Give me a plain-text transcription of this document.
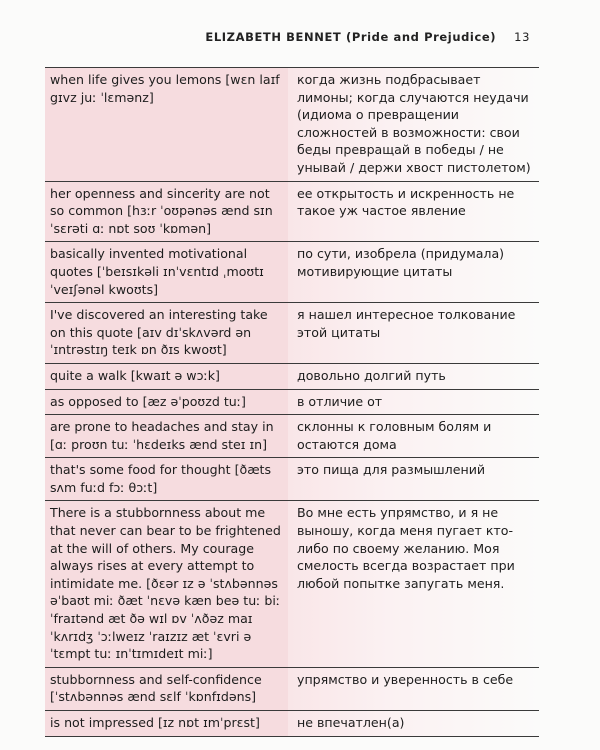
ELIZABETH BENNET (Pride and Prejudice) 13
when life gives you lemons [wɛn laɪf gɪvz juː ˈlɛmənz]	когда жизнь подбрасывает лимоны; когда случаются неудачи (идиома о превращении сложностей в возможности: свои беды превращай в победы / не унывай / держи хвост пистолетом)
her openness and sincerity are not so common [hɜːr ˈoʊpənəs ænd sɪnˈsɛrəti ɑː nɒt soʊ ˈkɒmən]	ее открытость и искренность не такое уж частое явление
basically invented motivational quotes [ˈbeɪsɪkəli ɪnˈvɛntɪd ˌmoʊtɪˈveɪʃənəl kwoʊts]	по сути, изобрела (придумала) мотивирующие цитаты
I've discovered an interesting take on this quote [aɪv dɪˈskʌvərd ən ˈɪntrəstɪŋ teɪk ɒn ðɪs kwoʊt]	я нашел интересное толкование этой цитаты
quite a walk [kwaɪt ə wɔːk]	довольно долгий путь
as opposed to [æz əˈpoʊzd tuː]	в отличие от
are prone to headaches and stay in [ɑː proʊn tuː ˈhɛdeɪks ænd steɪ ɪn]	склонны к головным болям и остаются дома
that's some food for thought [ðæts sʌm fuːd fɔː θɔːt]	это пища для размышлений
There is a stubbornness about me that never can bear to be frightened at the will of others. My courage always rises at every attempt to intimidate me. [ðɛər ɪz ə ˈstʌbənnəs əˈbaʊt miː ðæt ˈnɛvə kæn beə tuː biː ˈfraɪtənd æt ðə wɪl ɒv ˈʌðəz maɪ ˈkʌrɪdʒ ˈɔːlweɪz ˈraɪzɪz æt ˈɛvri əˈtɛmpt tuː ɪnˈtɪmɪdeɪt miː]	Во мне есть упрямство, и я не выношу, когда меня пугает кто-либо по своему желанию. Моя смелость всегда возрастает при любой попытке запугать меня.
stubbornness and self-confidence [ˈstʌbənnəs ænd sɛlf ˈkɒnfɪdəns]	упрямство и уверенность в себе
is not impressed [ɪz nɒt ɪmˈprɛst]	не впечатлен(а)
